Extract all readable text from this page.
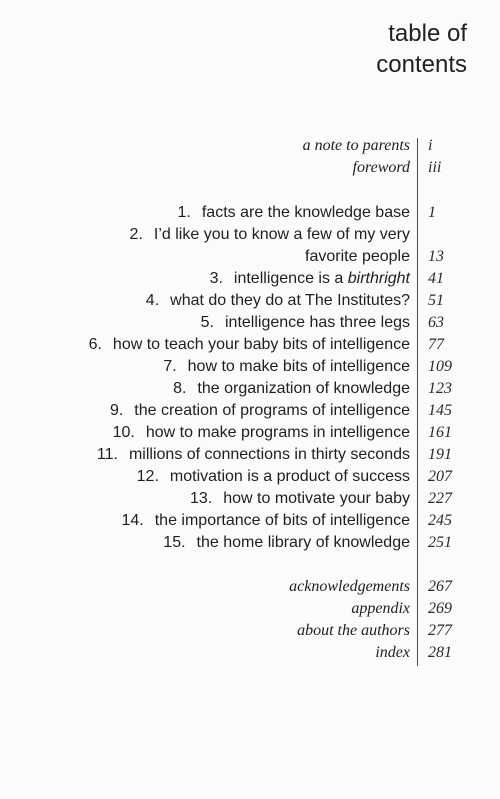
table of
contents
a note to parents i
foreword iii
1. facts are the knowledge base 1
2. I’d like you to know a few of my very
favorite people 13
3. intelligence is a birthright 41
4. what do they do at The Institutes? 51
5. intelligence has three legs 63
6. how to teach your baby bits of intelligence 77
7. how to make bits of intelligence 109
8. the organization of knowledge 123
9. the creation of programs of intelligence 145
10. how to make programs in intelligence 161
11. millions of connections in thirty seconds 191
12. motivation is a product of success 207
13. how to motivate your baby 227
14. the importance of bits of intelligence 245
15. the home library of knowledge 251
acknowledgements 267
appendix 269
about the authors 277
index 281
